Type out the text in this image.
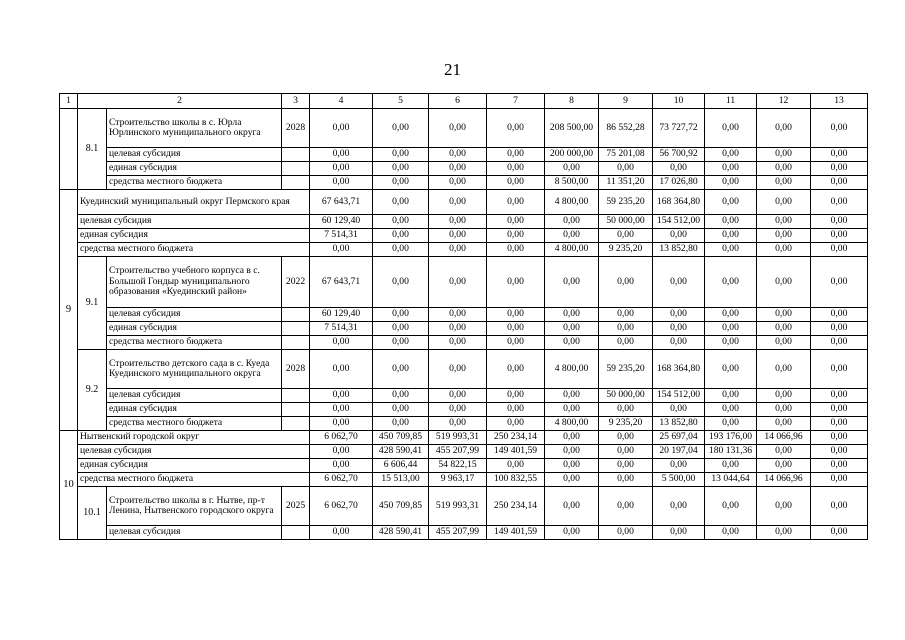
21
1	2		3	4	5	6	7	8	9	10	11	12	13
	8.1	Строительство школы в с. Юрла Юрлинского муниципального округа	2028	0,00	0,00	0,00	0,00	208 500,00	86 552,28	73 727,72	0,00	0,00	0,00
		целевая субсидия		0,00	0,00	0,00	0,00	200 000,00	75 201,08	56 700,92	0,00	0,00	0,00
		единая субсидия		0,00	0,00	0,00	0,00	0,00	0,00	0,00	0,00	0,00	0,00
		средства местного бюджета		0,00	0,00	0,00	0,00	8 500,00	11 351,20	17 026,80	0,00	0,00	0,00
9	Куединский муниципальный округ Пермского края			67 643,71	0,00	0,00	0,00	4 800,00	59 235,20	168 364,80	0,00	0,00	0,00
	целевая субсидия			60 129,40	0,00	0,00	0,00	0,00	50 000,00	154 512,00	0,00	0,00	0,00
	единая субсидия			7 514,31	0,00	0,00	0,00	0,00	0,00	0,00	0,00	0,00	0,00
	средства местного бюджета			0,00	0,00	0,00	0,00	4 800,00	9 235,20	13 852,80	0,00	0,00	0,00
	9.1	Строительство учебного корпуса в с. Большой Гондыр муниципального образования «Куединский район»	2022	67 643,71	0,00	0,00	0,00	0,00	0,00	0,00	0,00	0,00	0,00
		целевая субсидия		60 129,40	0,00	0,00	0,00	0,00	0,00	0,00	0,00	0,00	0,00
		единая субсидия		7 514,31	0,00	0,00	0,00	0,00	0,00	0,00	0,00	0,00	0,00
		средства местного бюджета		0,00	0,00	0,00	0,00	0,00	0,00	0,00	0,00	0,00	0,00
	9.2	Строительство детского сада в с. Куеда Куединского муниципального округа	2028	0,00	0,00	0,00	0,00	4 800,00	59 235,20	168 364,80	0,00	0,00	0,00
		целевая субсидия		0,00	0,00	0,00	0,00	0,00	50 000,00	154 512,00	0,00	0,00	0,00
		единая субсидия		0,00	0,00	0,00	0,00	0,00	0,00	0,00	0,00	0,00	0,00
		средства местного бюджета		0,00	0,00	0,00	0,00	4 800,00	9 235,20	13 852,80	0,00	0,00	0,00
10	Нытвенский городской округ			6 062,70	450 709,85	519 993,31	250 234,14	0,00	0,00	25 697,04	193 176,00	14 066,96	0,00
	целевая субсидия			0,00	428 590,41	455 207,99	149 401,59	0,00	0,00	20 197,04	180 131,36	0,00	0,00
	единая субсидия			0,00	6 606,44	54 822,15	0,00	0,00	0,00	0,00	0,00	0,00	0,00
	средства местного бюджета			6 062,70	15 513,00	9 963,17	100 832,55	0,00	0,00	5 500,00	13 044,64	14 066,96	0,00
	10.1	Строительство школы в г. Нытве, пр-т Ленина, Нытвенского городского округа	2025	6 062,70	450 709,85	519 993,31	250 234,14	0,00	0,00	0,00	0,00	0,00	0,00
		целевая субсидия		0,00	428 590,41	455 207,99	149 401,59	0,00	0,00	0,00	0,00	0,00	0,00
